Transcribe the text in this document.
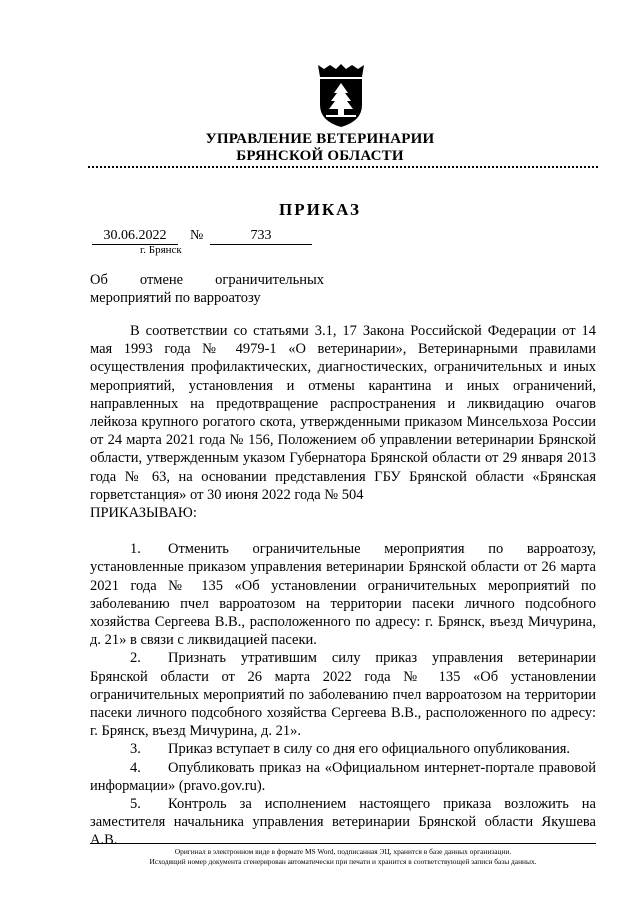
УПРАВЛЕНИЕ ВЕТЕРИНАРИИ
БРЯНСКОЙ ОБЛАСТИ
ПРИКАЗ
30.06.2022	№	733
г. Брянск
Об отмене ограничительных мероприятий по варроатозу

В соответствии со статьями 3.1, 17 Закона Российской Федерации от 14 мая 1993 года № 4979-1 «О ветеринарии», Ветеринарными правилами осуществления профилактических, диагностических, ограничительных и иных мероприятий, установления и отмены карантина и иных ограничений, направленных на предотвращение распространения и ликвидацию очагов лейкоза крупного рогатого скота, утвержденными приказом Минсельхоза России от 24 марта 2021 года № 156, Положением об управлении ветеринарии Брянской области, утвержденным указом Губернатора Брянской области от 29 января 2013 года № 63, на основании представления ГБУ Брянской области «Брянская горветстанция» от 30 июня 2022 года № 504

ПРИКАЗЫВАЮ:

1. Отменить ограничительные мероприятия по варроатозу, установленные приказом управления ветеринарии Брянской области от 26 марта 2021 года № 135 «Об установлении ограничительных мероприятий по заболеванию пчел варроатозом на территории пасеки личного подсобного хозяйства Сергеева В.В., расположенного по адресу: г. Брянск, въезд Мичурина, д. 21» в связи с ликвидацией пасеки.

2. Признать утратившим силу приказ управления ветеринарии Брянской области от 26 марта 2022 года № 135 «Об установлении ограничительных мероприятий по заболеванию пчел варроатозом на территории пасеки личного подсобного хозяйства Сергеева В.В., расположенного по адресу: г. Брянск, въезд Мичурина, д. 21».

3. Приказ вступает в силу со дня его официального опубликования.

4. Опубликовать приказ на «Официальном интернет-портале правовой информации» (pravo.gov.ru).

5. Контроль за исполнением настоящего приказа возложить на заместителя начальника управления ветеринарии Брянской области Якушева А.В.

Оригинал в электронном виде в формате MS Word, подписанная ЭЦ, хранится в базе данных организации.
Исходящий номер документа сгенерирован автоматически при печати и хранится в соответствующей записи базы данных.
